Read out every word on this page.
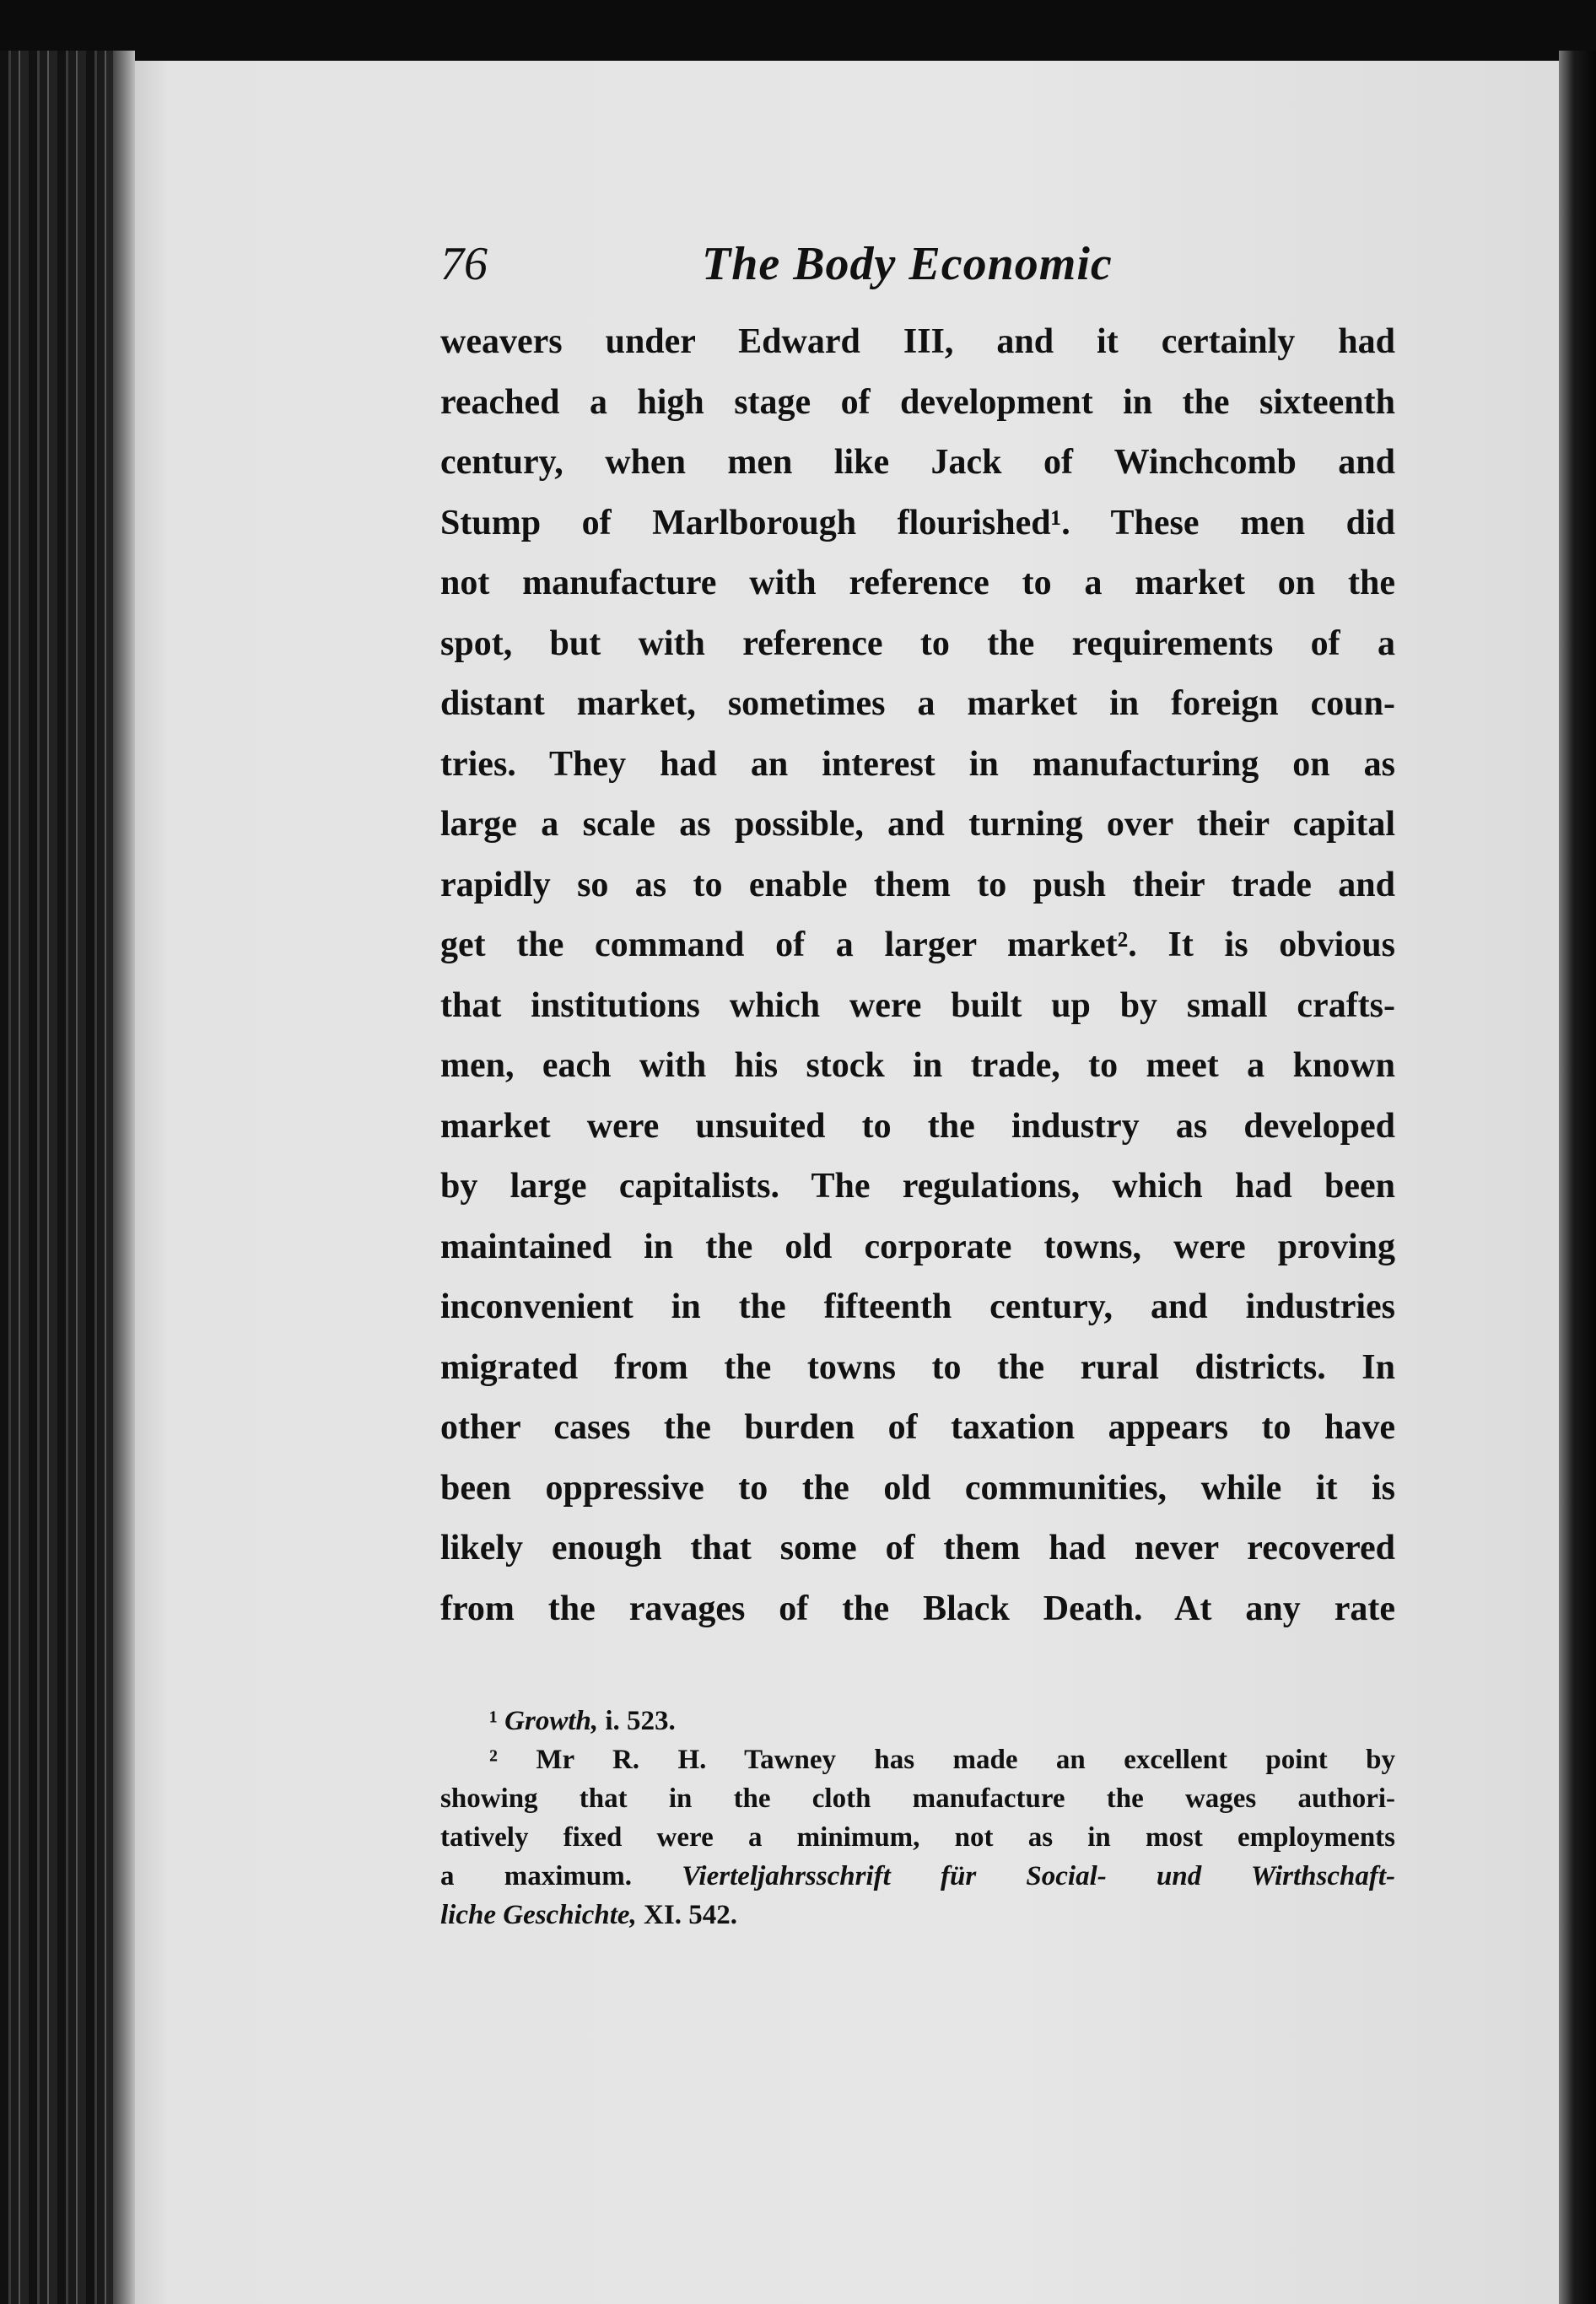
76	The Body Economic
weavers under Edward III, and it certainly had
reached a high stage of development in the sixteenth
century, when men like Jack of Winchcomb and
Stump of Marlborough flourished¹. These men did
not manufacture with reference to a market on the
spot, but with reference to the requirements of a
distant market, sometimes a market in foreign coun-
tries. They had an interest in manufacturing on as
large a scale as possible, and turning over their capital
rapidly so as to enable them to push their trade and
get the command of a larger market². It is obvious
that institutions which were built up by small crafts-
men, each with his stock in trade, to meet a known
market were unsuited to the industry as developed
by large capitalists. The regulations, which had been
maintained in the old corporate towns, were proving
inconvenient in the fifteenth century, and industries
migrated from the towns to the rural districts. In
other cases the burden of taxation appears to have
been oppressive to the old communities, while it is
likely enough that some of them had never recovered
from the ravages of the Black Death. At any rate
¹ Growth, i. 523.
² Mr R. H. Tawney has made an excellent point by
showing that in the cloth manufacture the wages authori-
tatively fixed were a minimum, not as in most employments
a maximum. Vierteljahrsschrift für Social- und Wirthschaft-
liche Geschichte, XI. 542.
